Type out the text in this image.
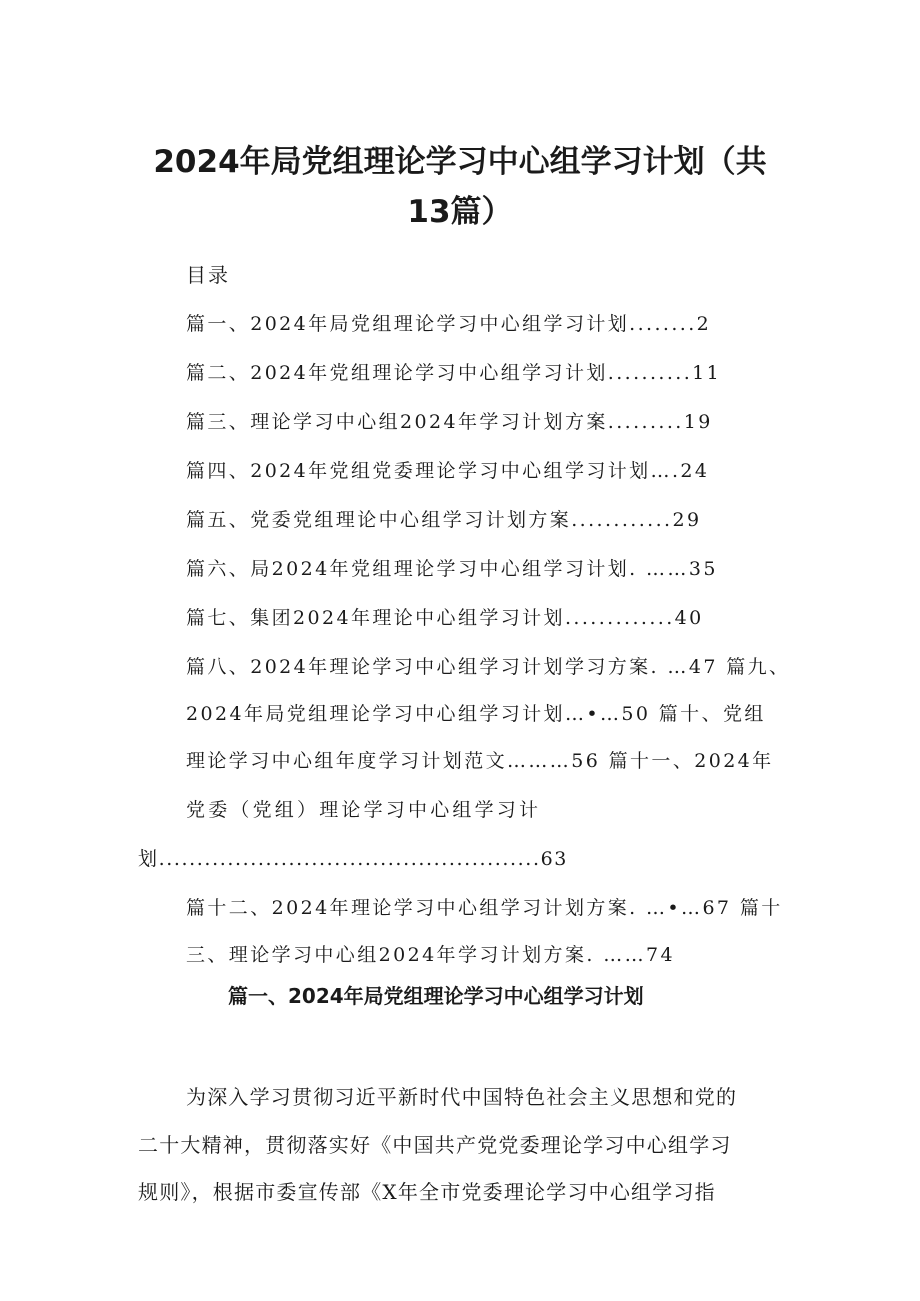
2024年局党组理论学习中心组学习计划（共
13篇）
目录
篇一、2024年局党组理论学习中心组学习计划........2
篇二、2024年党组理论学习中心组学习计划..........11
篇三、理论学习中心组2024年学习计划方案.........19
篇四、2024年党组党委理论学习中心组学习计划….24
篇五、党委党组理论中心组学习计划方案............29
篇六、局2024年党组理论学习中心组学习计划. ……35
篇七、集团2024年理论中心组学习计划.............40
篇八、2024年理论学习中心组学习计划学习方案. …47 篇九、
2024年局党组理论学习中心组学习计划…•…50 篇十、党组
理论学习中心组年度学习计划范文………56 篇十一、2024年
党委（党组）理论学习中心组学习计
划..................................................63
篇十二、2024年理论学习中心组学习计划方案. …•…67 篇十
三、理论学习中心组2024年学习计划方案. ……74
篇一、2024年局党组理论学习中心组学习计划
为深入学习贯彻习近平新时代中国特色社会主义思想和党的
二十大精神，贯彻落实好《中国共产党党委理论学习中心组学习
规则》，根据市委宣传部《X年全市党委理论学习中心组学习指
